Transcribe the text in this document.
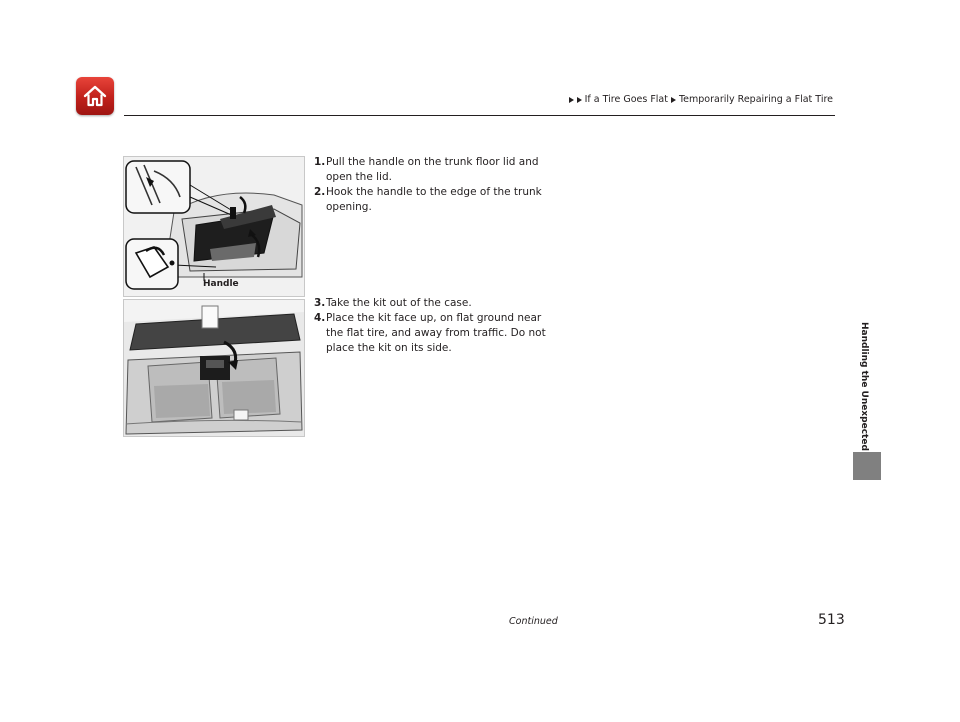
If a Tire Goes Flat Temporarily Repairing a Flat Tire
Handling the Unexpected
Handle
1. Pull the handle on the trunk floor lid and open the lid.
2. Hook the handle to the edge of the trunk opening.
3. Take the kit out of the case.
4. Place the kit face up, on flat ground near the flat tire, and away from traffic. Do not place the kit on its side.
Continued	513
